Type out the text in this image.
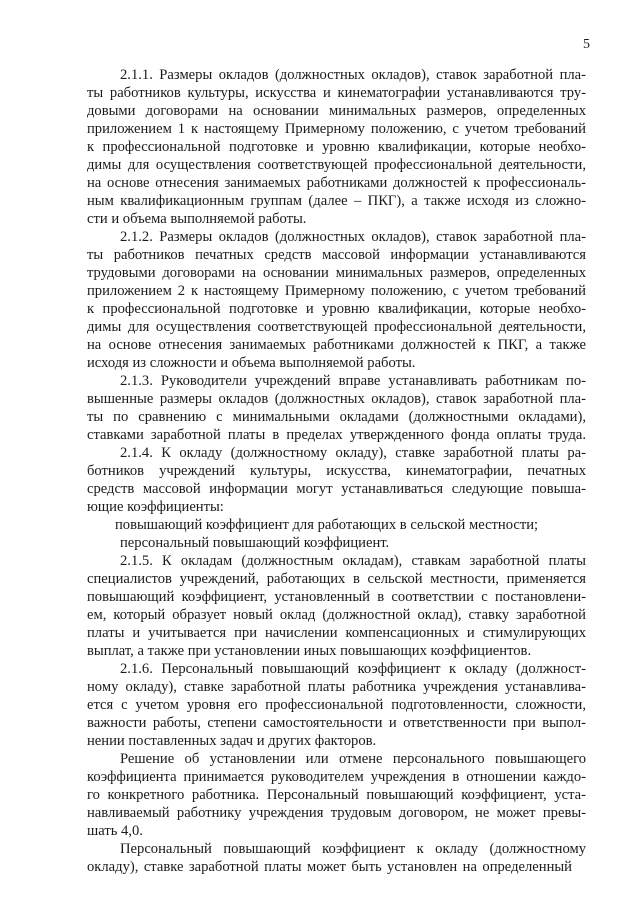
5
2.1.1. Размеры окладов (должностных окладов), ставок заработной пла-
ты работников культуры, искусства и кинематографии устанавливаются тру-
довыми договорами на основании минимальных размеров, определенных
приложением 1 к настоящему Примерному положению, с учетом требований
к профессиональной подготовке и уровню квалификации, которые необхо-
димы для осуществления соответствующей профессиональной деятельности,
на основе отнесения занимаемых работниками должностей к профессиональ-
ным квалификационным группам (далее – ПКГ), а также исходя из сложно-
сти и объема выполняемой работы.
2.1.2. Размеры окладов (должностных окладов), ставок заработной пла-
ты работников печатных средств массовой информации устанавливаются
трудовыми договорами на основании минимальных размеров, определенных
приложением 2 к настоящему Примерному положению, с учетом требований
к профессиональной подготовке и уровню квалификации, которые необхо-
димы для осуществления соответствующей профессиональной деятельности,
на основе отнесения занимаемых работниками должностей к ПКГ, а также
исходя из сложности и объема выполняемой работы.
2.1.3. Руководители учреждений вправе устанавливать работникам по-
вышенные размеры окладов (должностных окладов), ставок заработной пла-
ты по сравнению с минимальными окладами (должностными окладами),
ставками заработной платы в пределах утвержденного фонда оплаты труда.
2.1.4. К окладу (должностному окладу), ставке заработной платы ра-
ботников учреждений культуры, искусства, кинематографии, печатных
средств массовой информации могут устанавливаться следующие повыша-
ющие коэффициенты:
повышающий коэффициент для работающих в сельской местности;
персональный повышающий коэффициент.
2.1.5. К окладам (должностным окладам), ставкам заработной платы
специалистов учреждений, работающих в сельской местности, применяется
повышающий коэффициент, установленный в соответствии с постановлени-
ем, который образует новый оклад (должностной оклад), ставку заработной
платы и учитывается при начислении компенсационных и стимулирующих
выплат, а также при установлении иных повышающих коэффициентов.
2.1.6. Персональный повышающий коэффициент к окладу (должност-
ному окладу), ставке заработной платы работника учреждения устанавлива-
ется с учетом уровня его профессиональной подготовленности, сложности,
важности работы, степени самостоятельности и ответственности при выпол-
нении поставленных задач и других факторов.
Решение об установлении или отмене персонального повышающего
коэффициента принимается руководителем учреждения в отношении каждо-
го конкретного работника. Персональный повышающий коэффициент, уста-
навливаемый работнику учреждения трудовым договором, не может превы-
шать 4,0.
Персональный повышающий коэффициент к окладу (должностному
окладу), ставке заработной платы может быть установлен на определенный
